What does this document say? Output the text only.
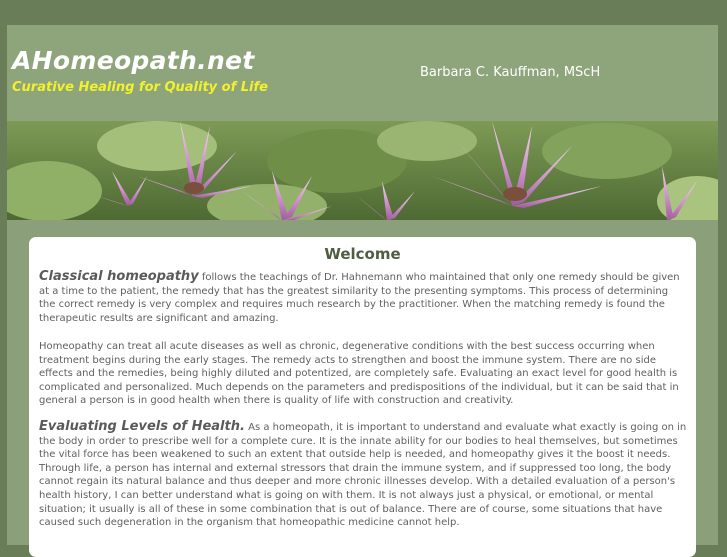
AHomeopath.net
Curative Healing for Quality of Life
Barbara C. Kauffman, MScH
Welcome

Classical homeopathy follows the teachings of Dr. Hahnemann who maintained that only one remedy should be given at a time to the patient, the remedy that has the greatest similarity to the presenting symptoms. This process of determining the correct remedy is very complex and requires much research by the practitioner. When the matching remedy is found the therapeutic results are significant and amazing.

Homeopathy can treat all acute diseases as well as chronic, degenerative conditions with the best success occurring when treatment begins during the early stages. The remedy acts to strengthen and boost the immune system. There are no side effects and the remedies, being highly diluted and potentized, are completely safe. Evaluating an exact level for good health is complicated and personalized. Much depends on the parameters and predispositions of the individual, but it can be said that in general a person is in good health when there is quality of life with construction and creativity.

Evaluating Levels of Health. As a homeopath, it is important to understand and evaluate what exactly is going on in the body in order to prescribe well for a complete cure. It is the innate ability for our bodies to heal themselves, but sometimes the vital force has been weakened to such an extent that outside help is needed, and homeopathy gives it the boost it needs. Through life, a person has internal and external stressors that drain the immune system, and if suppressed too long, the body cannot regain its natural balance and thus deeper and more chronic illnesses develop. With a detailed evaluation of a person's health history, I can better understand what is going on with them. It is not always just a physical, or emotional, or mental situation; it usually is all of these in some combination that is out of balance. There are of course, some situations that have caused such degeneration in the organism that homeopathic medicine cannot help.
